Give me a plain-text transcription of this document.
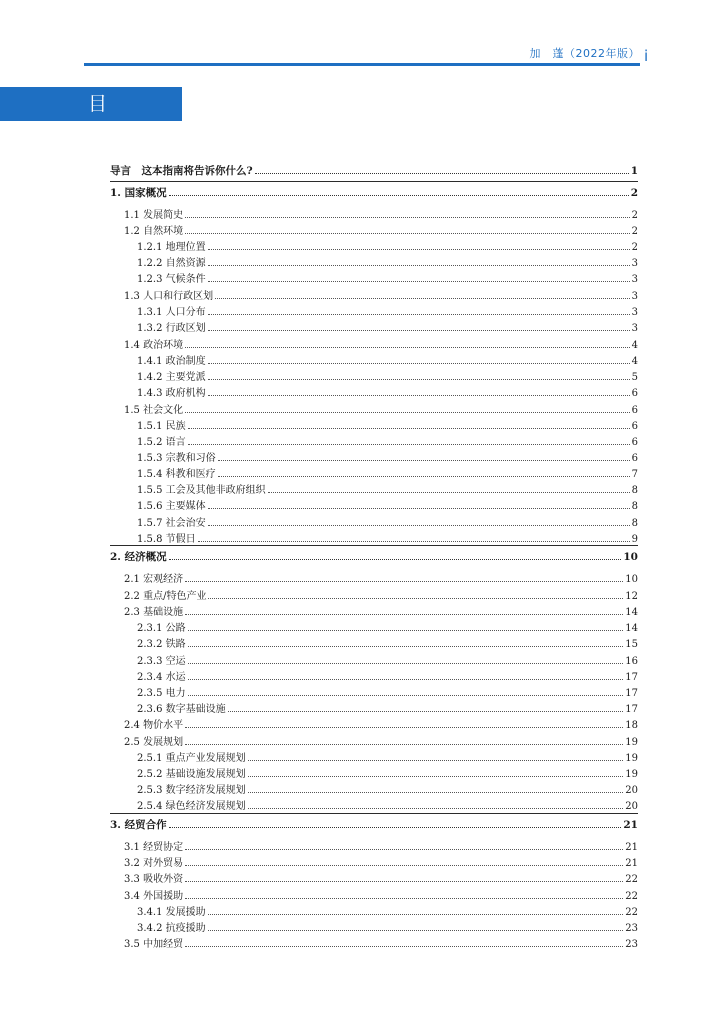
加　蓬（2022年版） i
目 录
导言　这本指南将告诉你什么?	1
1. 国家概况	2
1.1 发展简史	2
1.2 自然环境	2
1.2.1 地理位置	2
1.2.2 自然资源	3
1.2.3 气候条件	3
1.3 人口和行政区划	3
1.3.1 人口分布	3
1.3.2 行政区划	3
1.4 政治环境	4
1.4.1 政治制度	4
1.4.2 主要党派	5
1.4.3 政府机构	6
1.5 社会文化	6
1.5.1 民族	6
1.5.2 语言	6
1.5.3 宗教和习俗	6
1.5.4 科教和医疗	7
1.5.5 工会及其他非政府组织	8
1.5.6 主要媒体	8
1.5.7 社会治安	8
1.5.8 节假日	9
2. 经济概况	10
2.1 宏观经济	10
2.2 重点/特色产业	12
2.3 基础设施	14
2.3.1 公路	14
2.3.2 铁路	15
2.3.3 空运	16
2.3.4 水运	17
2.3.5 电力	17
2.3.6 数字基础设施	17
2.4 物价水平	18
2.5 发展规划	19
2.5.1 重点产业发展规划	19
2.5.2 基础设施发展规划	19
2.5.3 数字经济发展规划	20
2.5.4 绿色经济发展规划	20
3. 经贸合作	21
3.1 经贸协定	21
3.2 对外贸易	21
3.3 吸收外资	22
3.4 外国援助	22
3.4.1 发展援助	22
3.4.2 抗疫援助	23
3.5 中加经贸	23
